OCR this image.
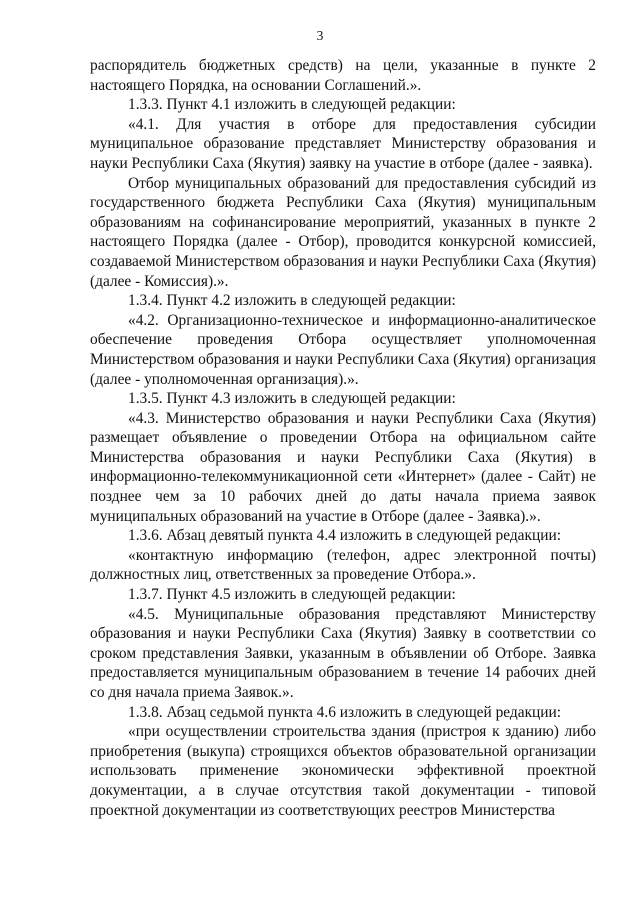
3

распорядитель бюджетных средств) на цели, указанные в пункте 2 настоящего Порядка, на основании Соглашений.».

1.3.3. Пункт 4.1 изложить в следующей редакции:

«4.1. Для участия в отборе для предоставления субсидии муниципальное образование представляет Министерству образования и науки Республики Саха (Якутия) заявку на участие в отборе (далее - заявка).

Отбор муниципальных образований для предоставления субсидий из государственного бюджета Республики Саха (Якутия) муниципальным образованиям на софинансирование мероприятий, указанных в пункте 2 настоящего Порядка (далее - Отбор), проводится конкурсной комиссией, создаваемой Министерством образования и науки Республики Саха (Якутия) (далее - Комиссия).».

1.3.4. Пункт 4.2 изложить в следующей редакции:

«4.2. Организационно-техническое и информационно-аналитическое обеспечение проведения Отбора осуществляет уполномоченная Министерством образования и науки Республики Саха (Якутия) организация (далее - уполномоченная организация).».

1.3.5. Пункт 4.3 изложить в следующей редакции:

«4.3. Министерство образования и науки Республики Саха (Якутия) размещает объявление о проведении Отбора на официальном сайте Министерства образования и науки Республики Саха (Якутия) в информационно-телекоммуникационной сети «Интернет» (далее - Сайт) не позднее чем за 10 рабочих дней до даты начала приема заявок муниципальных образований на участие в Отборе (далее - Заявка).».

1.3.6. Абзац девятый пункта 4.4 изложить в следующей редакции:

«контактную информацию (телефон, адрес электронной почты) должностных лиц, ответственных за проведение Отбора.».

1.3.7. Пункт 4.5 изложить в следующей редакции:

«4.5. Муниципальные образования представляют Министерству образования и науки Республики Саха (Якутия) Заявку в соответствии со сроком представления Заявки, указанным в объявлении об Отборе. Заявка предоставляется муниципальным образованием в течение 14 рабочих дней со дня начала приема Заявок.».

1.3.8. Абзац седьмой пункта 4.6 изложить в следующей редакции:

«при осуществлении строительства здания (пристроя к зданию) либо приобретения (выкупа) строящихся объектов образовательной организации использовать применение экономически эффективной проектной документации, а в случае отсутствия такой документации - типовой проектной документации из соответствующих реестров Министерства
